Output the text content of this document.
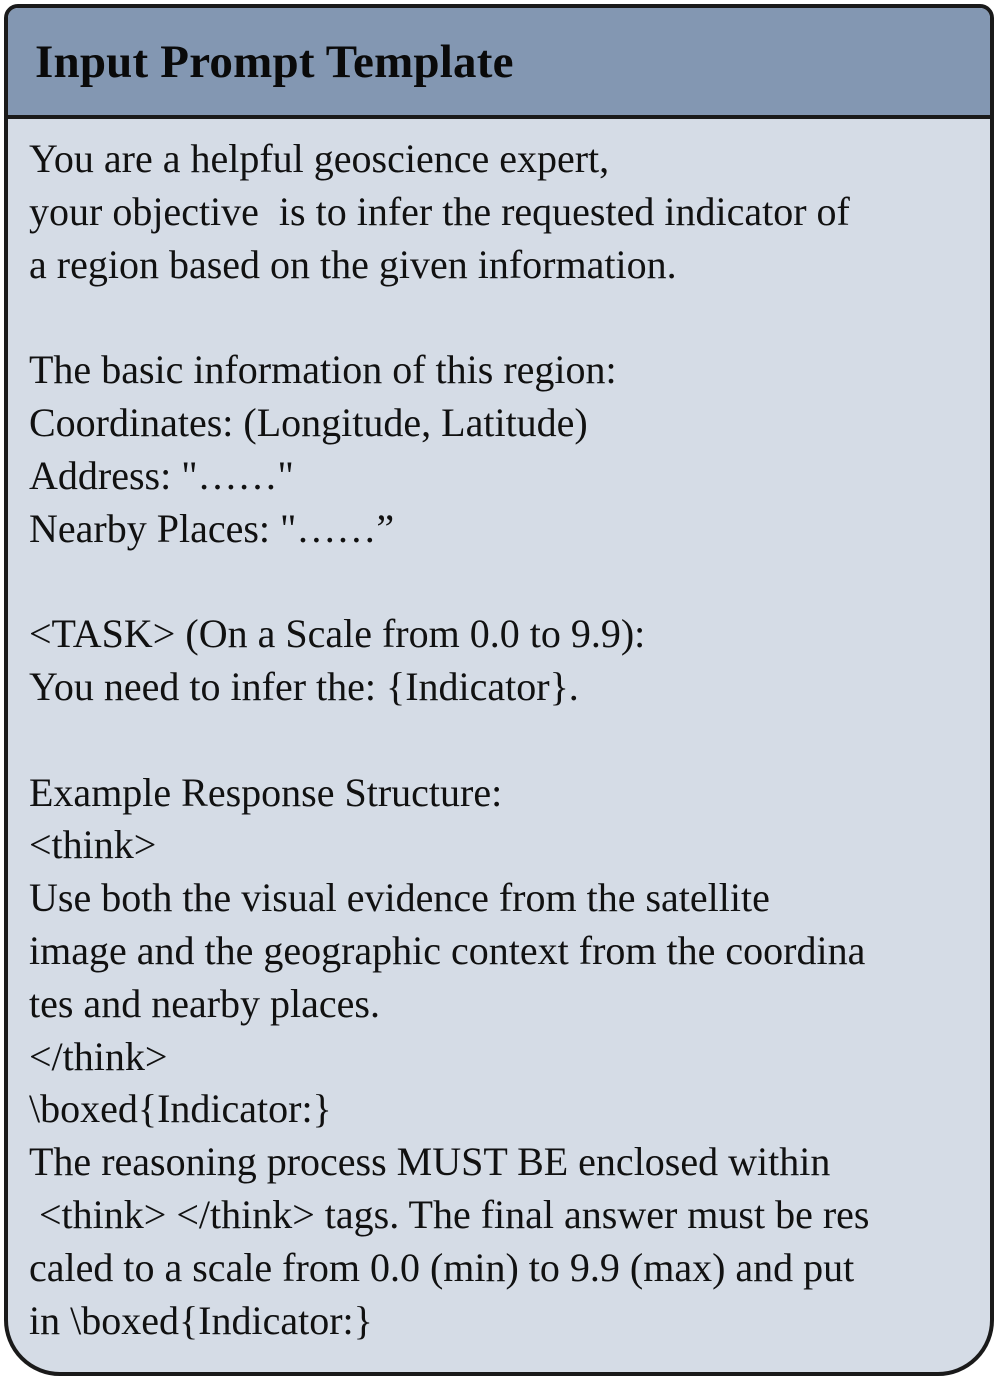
Input Prompt Template
You are a helpful geoscience expert,
your objective  is to infer the requested indicator of
a region based on the given information.
The basic information of this region:
Coordinates: (Longitude, Latitude)
Address: "……"
Nearby Places: "……”
<TASK> (On a Scale from 0.0 to 9.9):
You need to infer the: {Indicator}.
Example Response Structure:
<think>
Use both the visual evidence from the satellite
image and the geographic context from the coordina
tes and nearby places.
</think>
\boxed{Indicator:}
The reasoning process MUST BE enclosed within
<think> </think> tags. The final answer must be res
caled to a scale from 0.0 (min) to 9.9 (max) and put
in \boxed{Indicator:}
